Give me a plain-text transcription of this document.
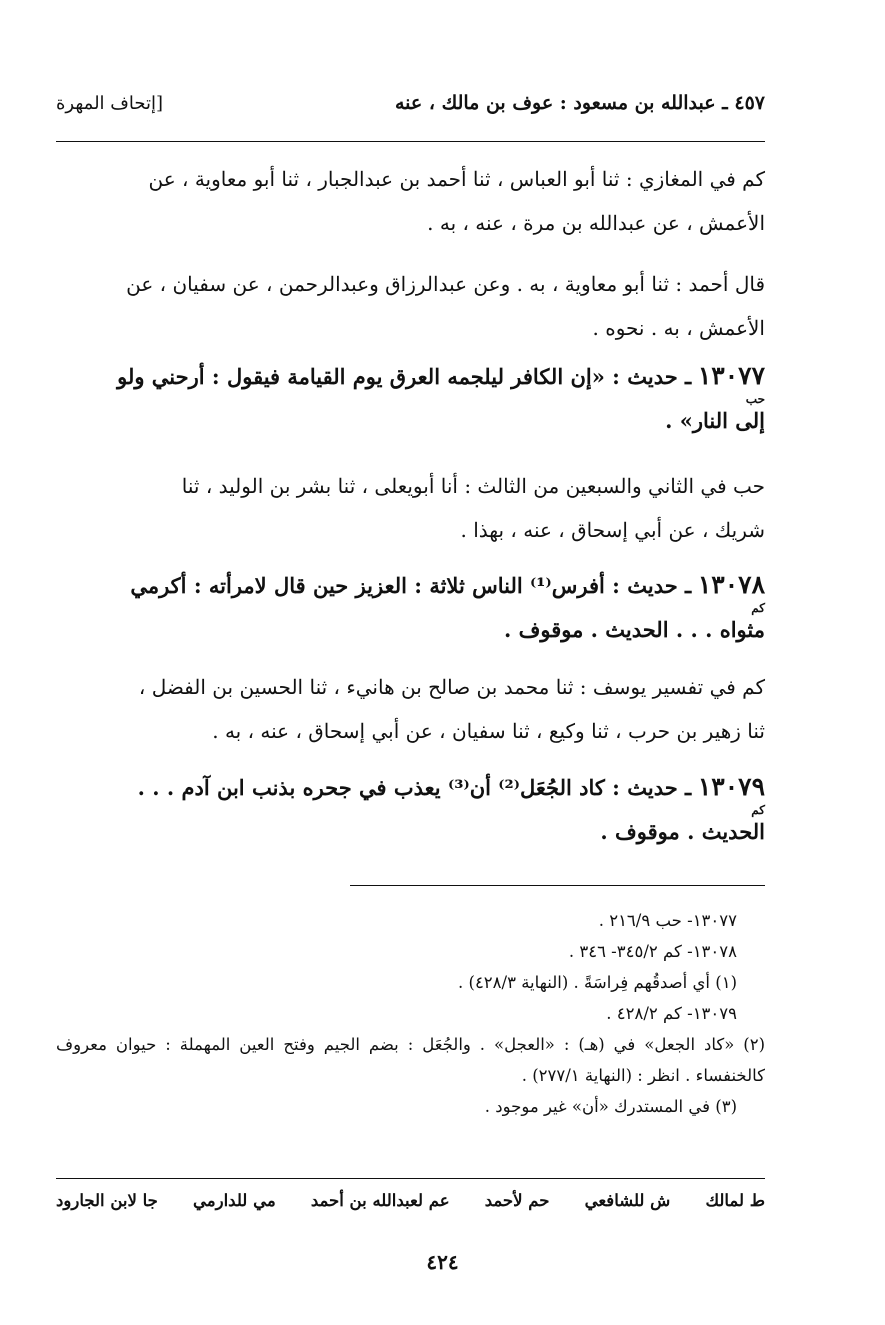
٤٥٧ ـ عبدالله بن مسعود : عوف بن مالك ، عنه
[إتحاف المهرة
كم في المغازي : ثنا أبو العباس ، ثنا أحمد بن عبدالجبار ، ثنا أبو معاوية ، عن
الأعمش ، عن عبدالله بن مرة ، عنه ، به .
قال أحمد : ثنا أبو معاوية ، به . وعن عبدالرزاق وعبدالرحمن ، عن سفيان ، عن
الأعمش ، به . نحوه .
١٣٠٧٧ ـ حديث : «إن الكافر ليلجمه العرق يوم القيامة فيقول : أرحني ولو
إلى النار» .
حب
حب في الثاني والسبعين من الثالث : أنا أبويعلى ، ثنا بشر بن الوليد ، ثنا
شريك ، عن أبي إسحاق ، عنه ، بهذا .
١٣٠٧٨ ـ حديث : أفرس⁽¹⁾ الناس ثلاثة : العزيز حين قال لامرأته : أكرمي
مثواه . . . الحديث . موقوف .
كم
كم في تفسير يوسف : ثنا محمد بن صالح بن هانيء ، ثنا الحسين بن الفضل ،
ثنا زهير بن حرب ، ثنا وكيع ، ثنا سفيان ، عن أبي إسحاق ، عنه ، به .
١٣٠٧٩ ـ حديث : كاد الجُعَل⁽²⁾ أن⁽³⁾ يعذب في جحره بذنب ابن آدم . . .
الحديث . موقوف .
كم
١٣٠٧٧- حب ٢١٦/٩ .
١٣٠٧٨- كم ٣٤٥/٢- ٣٤٦ .
(١) أي أصدقُهم فِراسَةً . (النهاية ٤٢٨/٣) .
١٣٠٧٩- كم ٤٢٨/٢ .
(٢) «كاد الجعل» في (هـ) : «العجل» . والجُعَل : بضم الجيم وفتح العين المهملة : حيوان معروف كالخنفساء . انظر : (النهاية ٢٧٧/١) .
(٣) في المستدرك «أن» غير موجود .
ط لمالك
ش للشافعي
حم لأحمد
عم لعبدالله بن أحمد
مي للدارمي
جا لابن الجارود
٤٢٤
